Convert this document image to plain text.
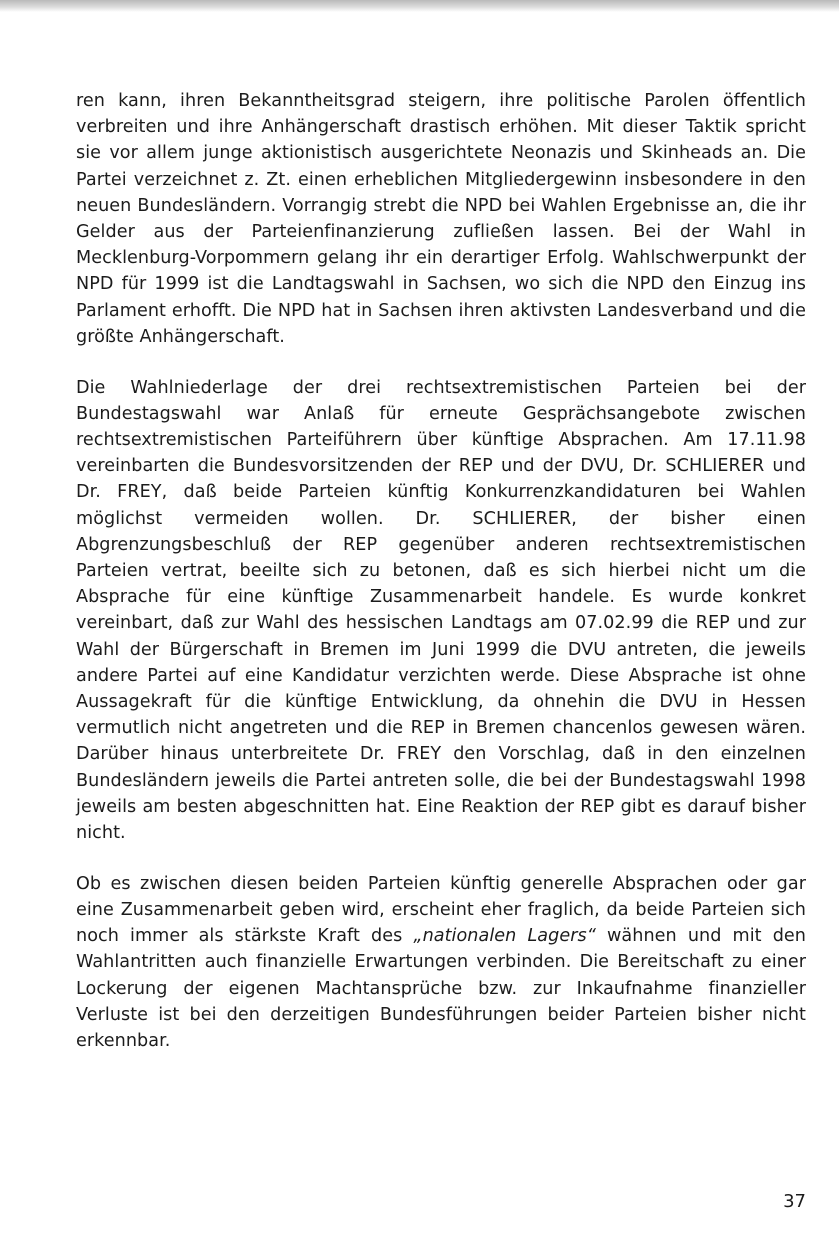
ren kann, ihren Bekanntheitsgrad steigern, ihre politische Parolen öffentlich verbreiten und ihre Anhängerschaft drastisch erhöhen. Mit dieser Taktik spricht sie vor allem junge aktionistisch ausgerichtete Neonazis und Skinheads an. Die Partei verzeichnet z. Zt. einen erheblichen Mitgliedergewinn insbesondere in den neuen Bundesländern. Vorrangig strebt die NPD bei Wahlen Ergebnisse an, die ihr Gelder aus der Parteienfinanzierung zufließen lassen. Bei der Wahl in Mecklenburg-Vorpommern gelang ihr ein derartiger Erfolg. Wahlschwerpunkt der NPD für 1999 ist die Landtagswahl in Sachsen, wo sich die NPD den Einzug ins Parlament erhofft. Die NPD hat in Sachsen ihren aktivsten Landesverband und die größte Anhängerschaft.

Die Wahlniederlage der drei rechtsextremistischen Parteien bei der Bundestagswahl war Anlaß für erneute Gesprächsangebote zwischen rechtsextremistischen Parteiführern über künftige Absprachen. Am 17.11.98 vereinbarten die Bundesvorsitzenden der REP und der DVU, Dr. SCHLIERER und Dr. FREY, daß beide Parteien künftig Konkurrenzkandidaturen bei Wahlen möglichst vermeiden wollen. Dr. SCHLIERER, der bisher einen Abgrenzungsbeschluß der REP gegenüber anderen rechtsextremistischen Parteien vertrat, beeilte sich zu betonen, daß es sich hierbei nicht um die Absprache für eine künftige Zusammenarbeit handele. Es wurde konkret vereinbart, daß zur Wahl des hessischen Landtags am 07.02.99 die REP und zur Wahl der Bürgerschaft in Bremen im Juni 1999 die DVU antreten, die jeweils andere Partei auf eine Kandidatur verzichten werde. Diese Absprache ist ohne Aussagekraft für die künftige Entwicklung, da ohnehin die DVU in Hessen vermutlich nicht angetreten und die REP in Bremen chancenlos gewesen wären. Darüber hinaus unterbreitete Dr. FREY den Vorschlag, daß in den einzelnen Bundesländern jeweils die Partei antreten solle, die bei der Bundestagswahl 1998 jeweils am besten abgeschnitten hat. Eine Reaktion der REP gibt es darauf bisher nicht.

Ob es zwischen diesen beiden Parteien künftig generelle Absprachen oder gar eine Zusammenarbeit geben wird, erscheint eher fraglich, da beide Parteien sich noch immer als stärkste Kraft des „nationalen Lagers“ wähnen und mit den Wahlantritten auch finanzielle Erwartungen verbinden. Die Bereitschaft zu einer Lockerung der eigenen Machtansprüche bzw. zur Inkaufnahme finanzieller Verluste ist bei den derzeitigen Bundesführungen beider Parteien bisher nicht erkennbar.

37
